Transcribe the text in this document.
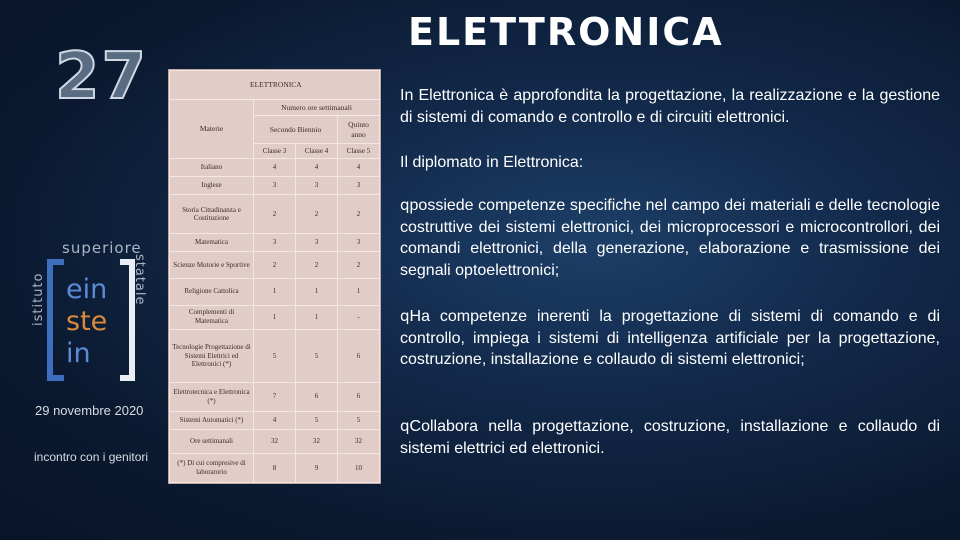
27
ELETTRONICA
superiore
istituto	statale
ein
ste
in
29 novembre 2020
incontro con i genitori
ELETTRONICA			
Materie	Numero ore settimanali		
	Secondo Biennio		Quinto anno
	Classe 3	Classe 4	Classe 5
Italiano	4	4	4
Inglese	3	3	3
Storia Cittadinanza e Costituzione	2	2	2
Matematica	3	3	3
Scienze Motorie e Sportive	2	2	2
Religione Cattolica	1	1	1
Complementi di Matematica	1	1	-
Tecnologie Progettazione di Sistemi Elettrici ed Elettronici (*)	5	5	6
Elettrotecnica e Elettronica (*)	7	6	6
Sistemi Automatici (*)	4	5	5
Ore settimanali	32	32	32
(*) Di cui compresive di laboratorio	8	9	10
In Elettronica è approfondita la progettazione, la realizzazione e la gestione di sistemi di comando e controllo e di circuiti elettronici.
Il diplomato in Elettronica:
qpossiede competenze specifiche nel campo dei materiali e delle tecnologie costruttive dei sistemi elettronici, dei microprocessori e microcontrollori, dei comandi elettronici, della generazione, elaborazione e trasmissione dei segnali optoelettronici;
qHa competenze inerenti la progettazione di sistemi di comando e di controllo, impiega i sistemi di intelligenza artificiale per la progettazione, costruzione, installazione e collaudo di sistemi elettronici;
qCollabora nella progettazione, costruzione, installazione e collaudo di sistemi elettrici ed elettronici.
